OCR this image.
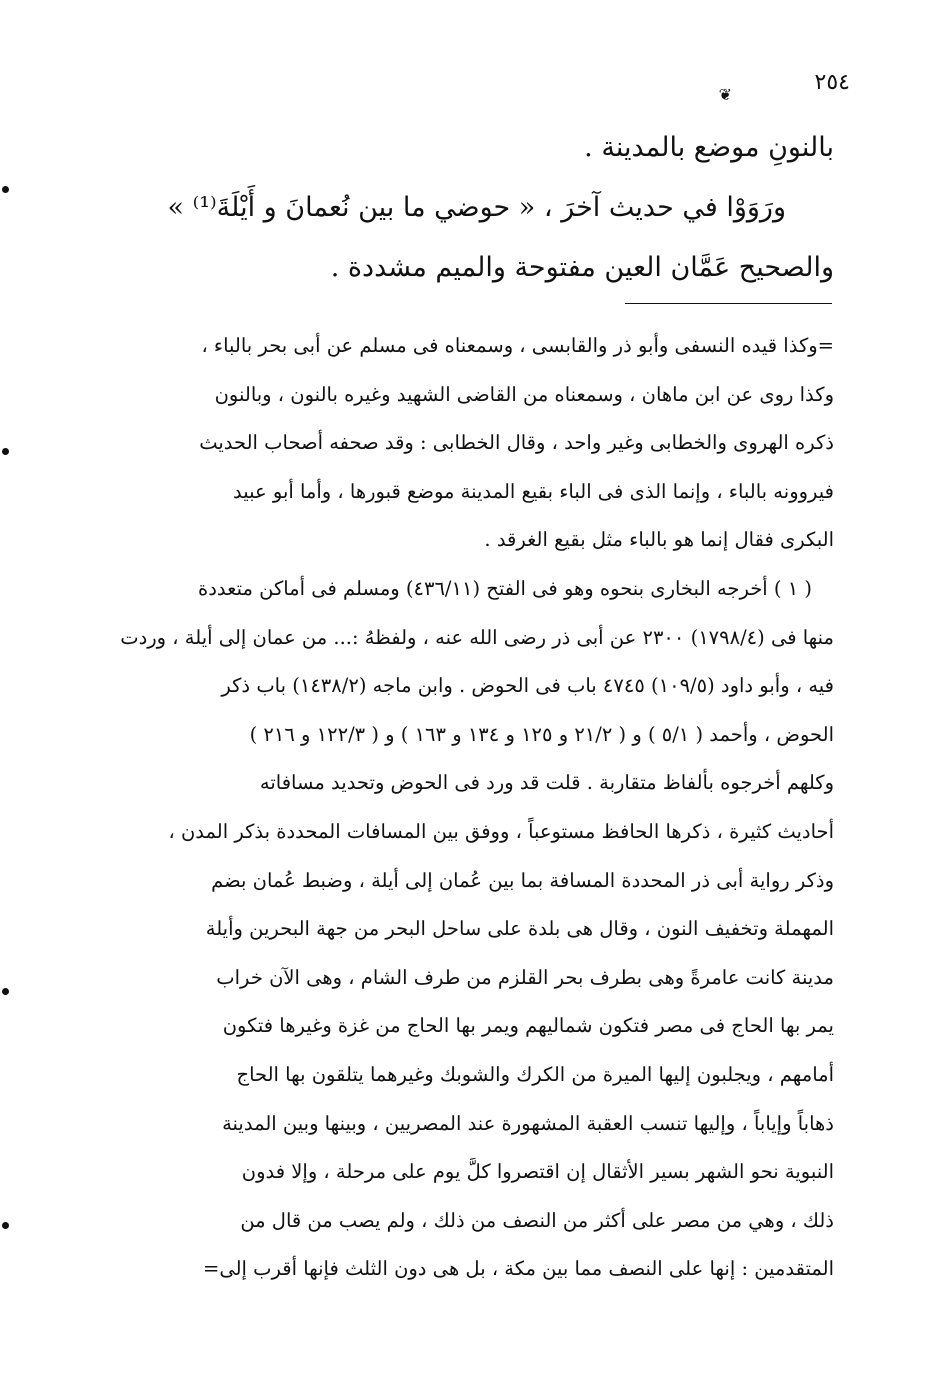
٢٥٤
❦

بالنونِ موضع بالمدينة .

ورَوَوْا في حديث آخرَ ، « حوضي ما بين نُعمانَ و أَيْلَةَ⁽¹⁾ »

والصحيح عَمَّان العين مفتوحة والميم مشددة .

=وكذا قيده النسفى وأبو ذر والقابسى ، وسمعناه فى مسلم عن أبى بحر بالباء ،

وكذا روى عن ابن ماهان ، وسمعناه من القاضى الشهيد وغيره بالنون ، وبالنون

ذكره الهروى والخطابى وغير واحد ، وقال الخطابى : وقد صحفه أصحاب الحديث

فيروونه بالباء ، وإنما الذى فى الباء بقيع المدينة موضع قبورها ، وأما أبو عبيد

البكرى فقال إنما هو بالباء مثل بقيع الغرقد .

( ١ ) أخرجه البخارى بنحوه وهو فى الفتح (٤٣٦/١١) ومسلم فى أماكن متعددة

منها فى (١٧٩٨/٤) ٢٣٠٠ عن أبى ذر رضى الله عنه ، ولفظهُ :... من عمان إلى أيلة ، وردت

فيه ، وأبو داود (١٠٩/٥) ٤٧٤٥ باب فى الحوض . وابن ماجه (١٤٣٨/٢) باب ذكر

الحوض ، وأحمد ( ٥/١ ) و ( ٢١/٢ و ١٢٥ و ١٣٤ و ١٦٣ ) و ( ١٢٢/٣ و ٢١٦ )

وكلهم أخرجوه بألفاظ متقاربة . قلت قد ورد فى الحوض وتحديد مسافاته

أحاديث كثيرة ، ذكرها الحافظ مستوعباً ، ووفق بين المسافات المحددة بذكر المدن ،

وذكر رواية أبى ذر المحددة المسافة بما بين عُمان إلى أيلة ، وضبط عُمان بضم

المهملة وتخفيف النون ، وقال هى بلدة على ساحل البحر من جهة البحرين وأيلة

مدينة كانت عامرةً وهى بطرف بحر القلزم من طرف الشام ، وهى الآن خراب

يمر بها الحاج فى مصر فتكون شماليهم ويمر بها الحاج من غزة وغيرها فتكون

أمامهم ، ويجلبون إليها الميرة من الكرك والشوبك وغيرهما يتلقون بها الحاج

ذهاباً وإياباً ، وإليها تنسب العقبة المشهورة عند المصريين ، وبينها وبين المدينة

النبوية نحو الشهر بسير الأثقال إن اقتصروا كلَّ يوم على مرحلة ، وإلا فدون

ذلك ، وهي من مصر على أكثر من النصف من ذلك ، ولم يصب من قال من

المتقدمين : إنها على النصف مما بين مكة ، بل هى دون الثلث فإنها أقرب إلى=
